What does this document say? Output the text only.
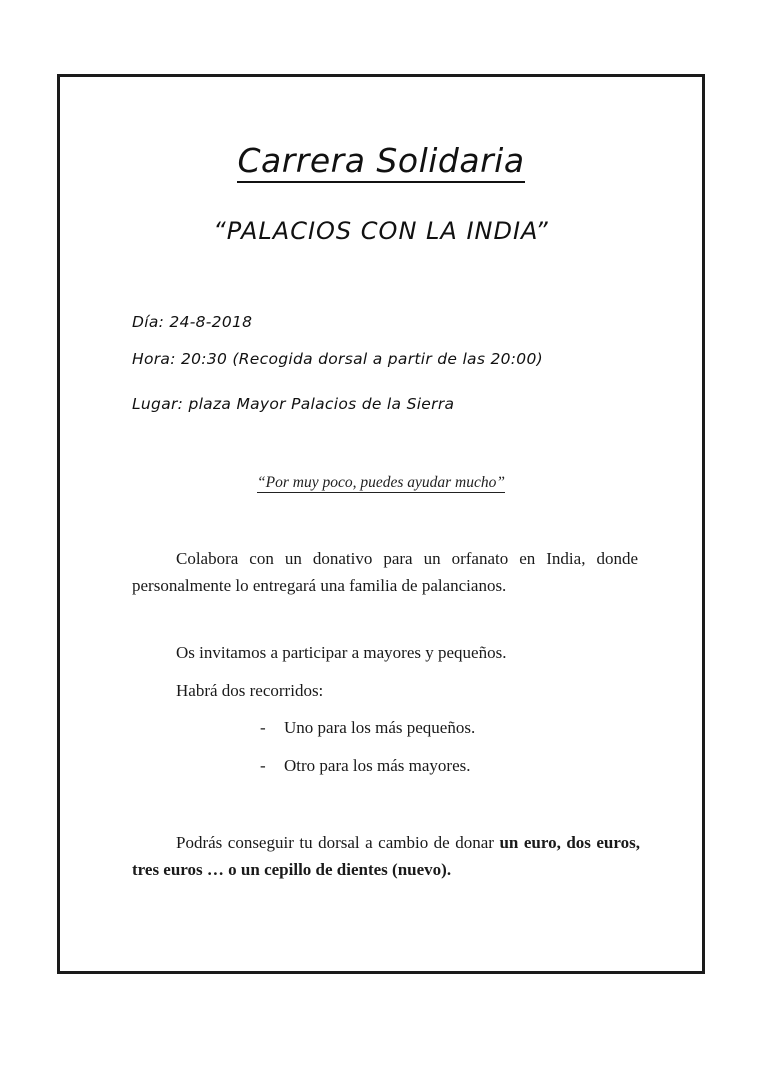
Carrera Solidaria
“PALACIOS CON LA INDIA”

Día: 24-8-2018

Hora: 20:30 (Recogida dorsal a partir de las 20:00)

Lugar: plaza Mayor Palacios de la Sierra

“Por muy poco, puedes ayudar mucho”

Colabora con un donativo para un orfanato en India, donde personalmente lo entregará una familia de palancianos.

Os invitamos a participar a mayores y pequeños.

Habrá dos recorridos:

- Uno para los más pequeños.

- Otro para los más mayores.

Podrás conseguir tu dorsal a cambio de donar un euro, dos euros, tres euros … o un cepillo de dientes (nuevo).
